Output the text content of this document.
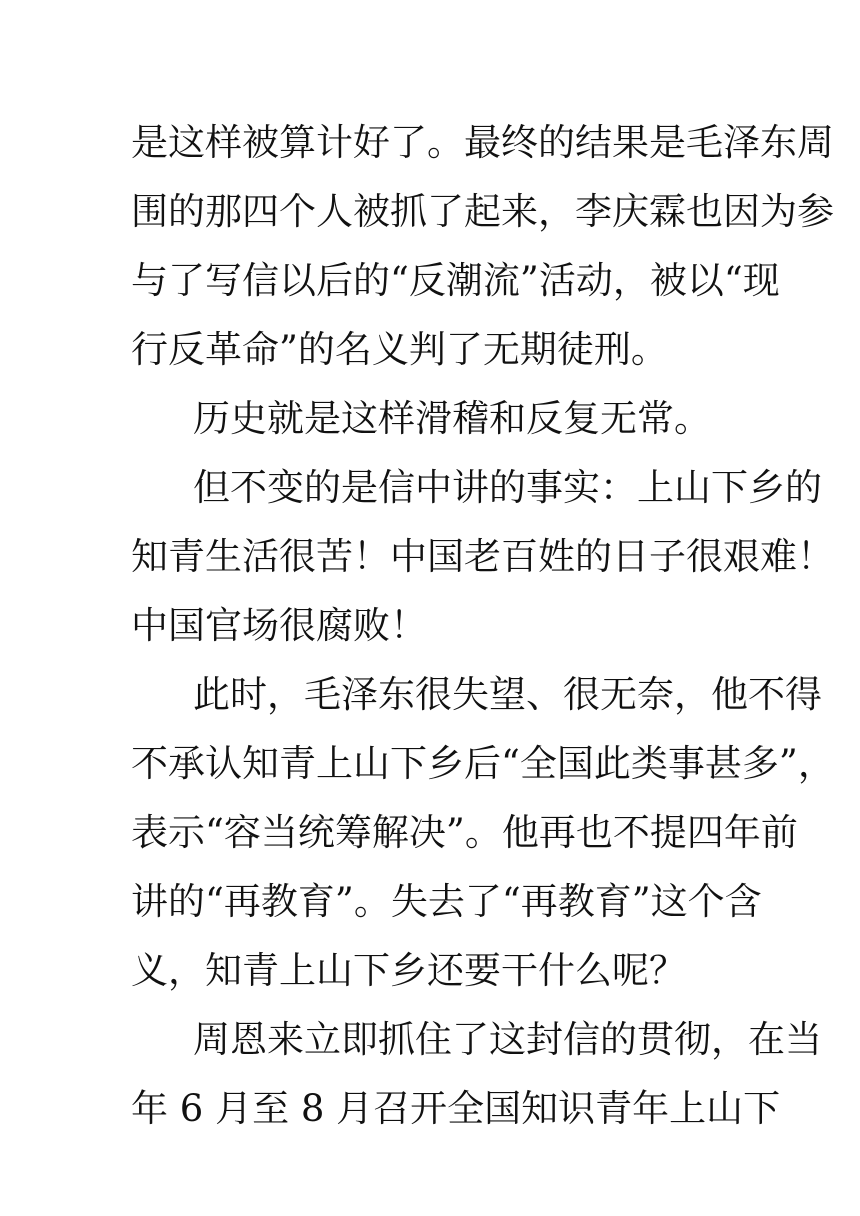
是这样被算计好了。最终的结果是毛泽东周
围的那四个人被抓了起来，李庆霖也因为参
与了写信以后的“反潮流”活动，被以“现
行反革命”的名义判了无期徒刑。
历史就是这样滑稽和反复无常。
但不变的是信中讲的事实：上山下乡的
知青生活很苦！中国老百姓的日子很艰难！
中国官场很腐败！
此时，毛泽东很失望、很无奈，他不得
不承认知青上山下乡后“全国此类事甚多”，
表示“容当统筹解决”。他再也不提四年前
讲的“再教育”。失去了“再教育”这个含
义，知青上山下乡还要干什么呢？
周恩来立即抓住了这封信的贯彻，在当
年 6 月至 8 月召开全国知识青年上山下
